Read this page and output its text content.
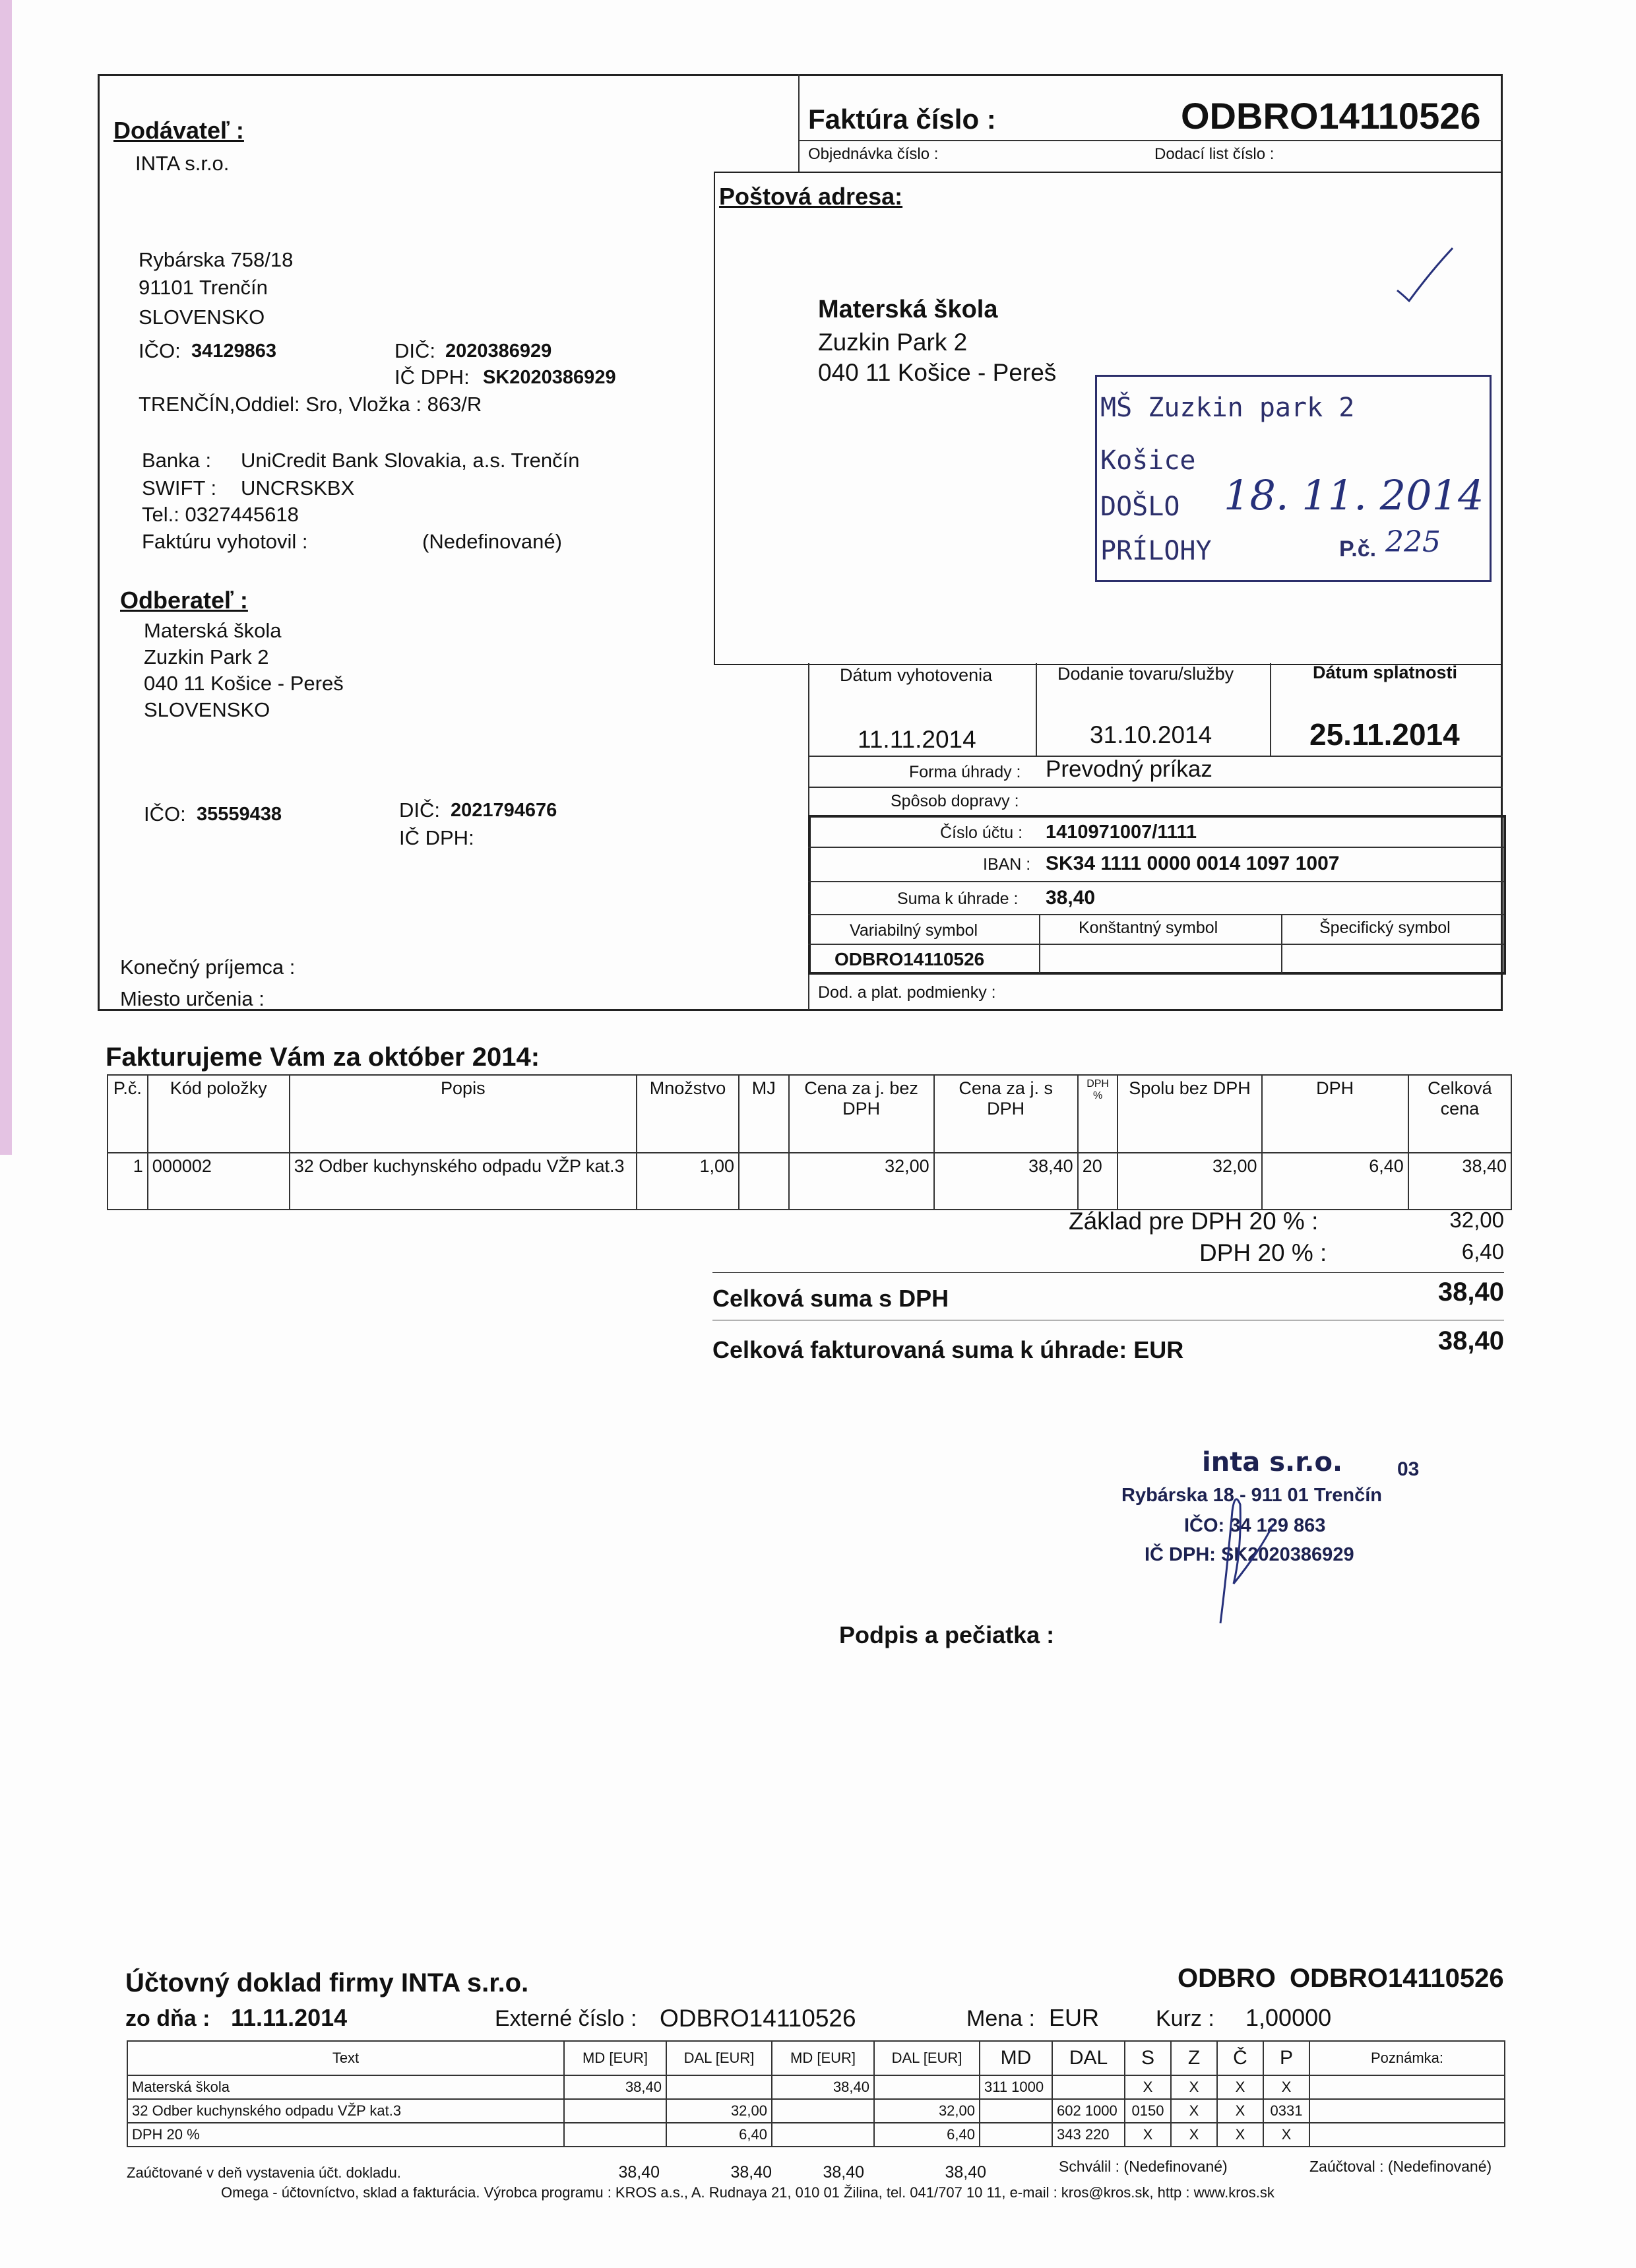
Dodávateľ :
INTA s.r.o.
Rybárska 758/18
91101 Trenčín
SLOVENSKO
IČO: 34129863	DIČ: 2020386929
IČ DPH: SK2020386929
TRENČÍN,Oddiel: Sro, Vložka : 863/R
Banka : UniCredit Bank Slovakia, a.s. Trenčín
SWIFT : UNCRSKBX
Tel.: 0327445618
Faktúru vyhotovil :	(Nedefinované)
Faktúra číslo :	ODBRO14110526
Objednávka číslo :	Dodací list číslo :
Poštová adresa:
Materská škola
Zuzkin Park 2
040 11 Košice - Pereš
MŠ Zuzkin park 2
Košice
DOŠLO
PRÍLOHY	P.č.
18. 11. 2014
225
Odberateľ :
Materská škola
Zuzkin Park 2
040 11 Košice - Pereš
SLOVENSKO
IČO: 35559438	DIČ: 2021794676
IČ DPH:
Konečný príjemca :
Miesto určenia :
Dátum vyhotovenia	Dodanie tovaru/služby	Dátum splatnosti
11.11.2014	31.10.2014	25.11.2014
Forma úhrady : Prevodný príkaz
Spôsob dopravy :
Číslo účtu : 1410971007/1111
IBAN : SK34 1111 0000 0014 1097 1007
Suma k úhrade : 38,40
Variabilný symbol	Konštantný symbol	Špecifický symbol
ODBRO14110526
Dod. a plat. podmienky :
Fakturujeme Vám za október 2014:
P.č.	Kód položky	Popis	Množstvo	MJ	Cena za j. bez DPH	Cena za j. s DPH	DPH %	Spolu bez DPH	DPH	Celková cena
1	000002	32 Odber kuchynského odpadu VŽP kat.3	1,00		32,00	38,40	20	32,00	6,40	38,40
Základ pre DPH 20 % :	32,00
DPH 20 % :	6,40
Celková suma s DPH	38,40
Celková fakturovaná suma k úhrade: EUR	38,40
inta s.r.o.	03
Rybárska 18 - 911 01 Trenčín
IČO: 34 129 863
IČ DPH: SK2020386929
Podpis a pečiatka :
Účtovný doklad firmy INTA s.r.o.	ODBRO ODBRO14110526
zo dňa : 11.11.2014	Externé číslo : ODBRO14110526	Mena : EUR	Kurz : 1,00000
Text	MD [EUR]	DAL [EUR]	MD [EUR]	DAL [EUR]	MD	DAL	S	Z	Č	P	Poznámka:
Materská škola	38,40		38,40		311 1000		X	X	X	X	
32 Odber kuchynského odpadu VŽP kat.3		32,00		32,00		602 1000	0150	X	X	0331	
DPH 20 %		6,40		6,40		343 220	X	X	X	X	
Zaúčtované v deň vystavenia účt. dokladu.	38,40	38,40	38,40	38,40	Schválil : (Nedefinované)	Zaúčtoval : (Nedefinované)
Omega - účtovníctvo, sklad a fakturácia. Výrobca programu : KROS a.s., A. Rudnaya 21, 010 01 Žilina, tel. 041/707 10 11, e-mail : kros@kros.sk, http : www.kros.sk
